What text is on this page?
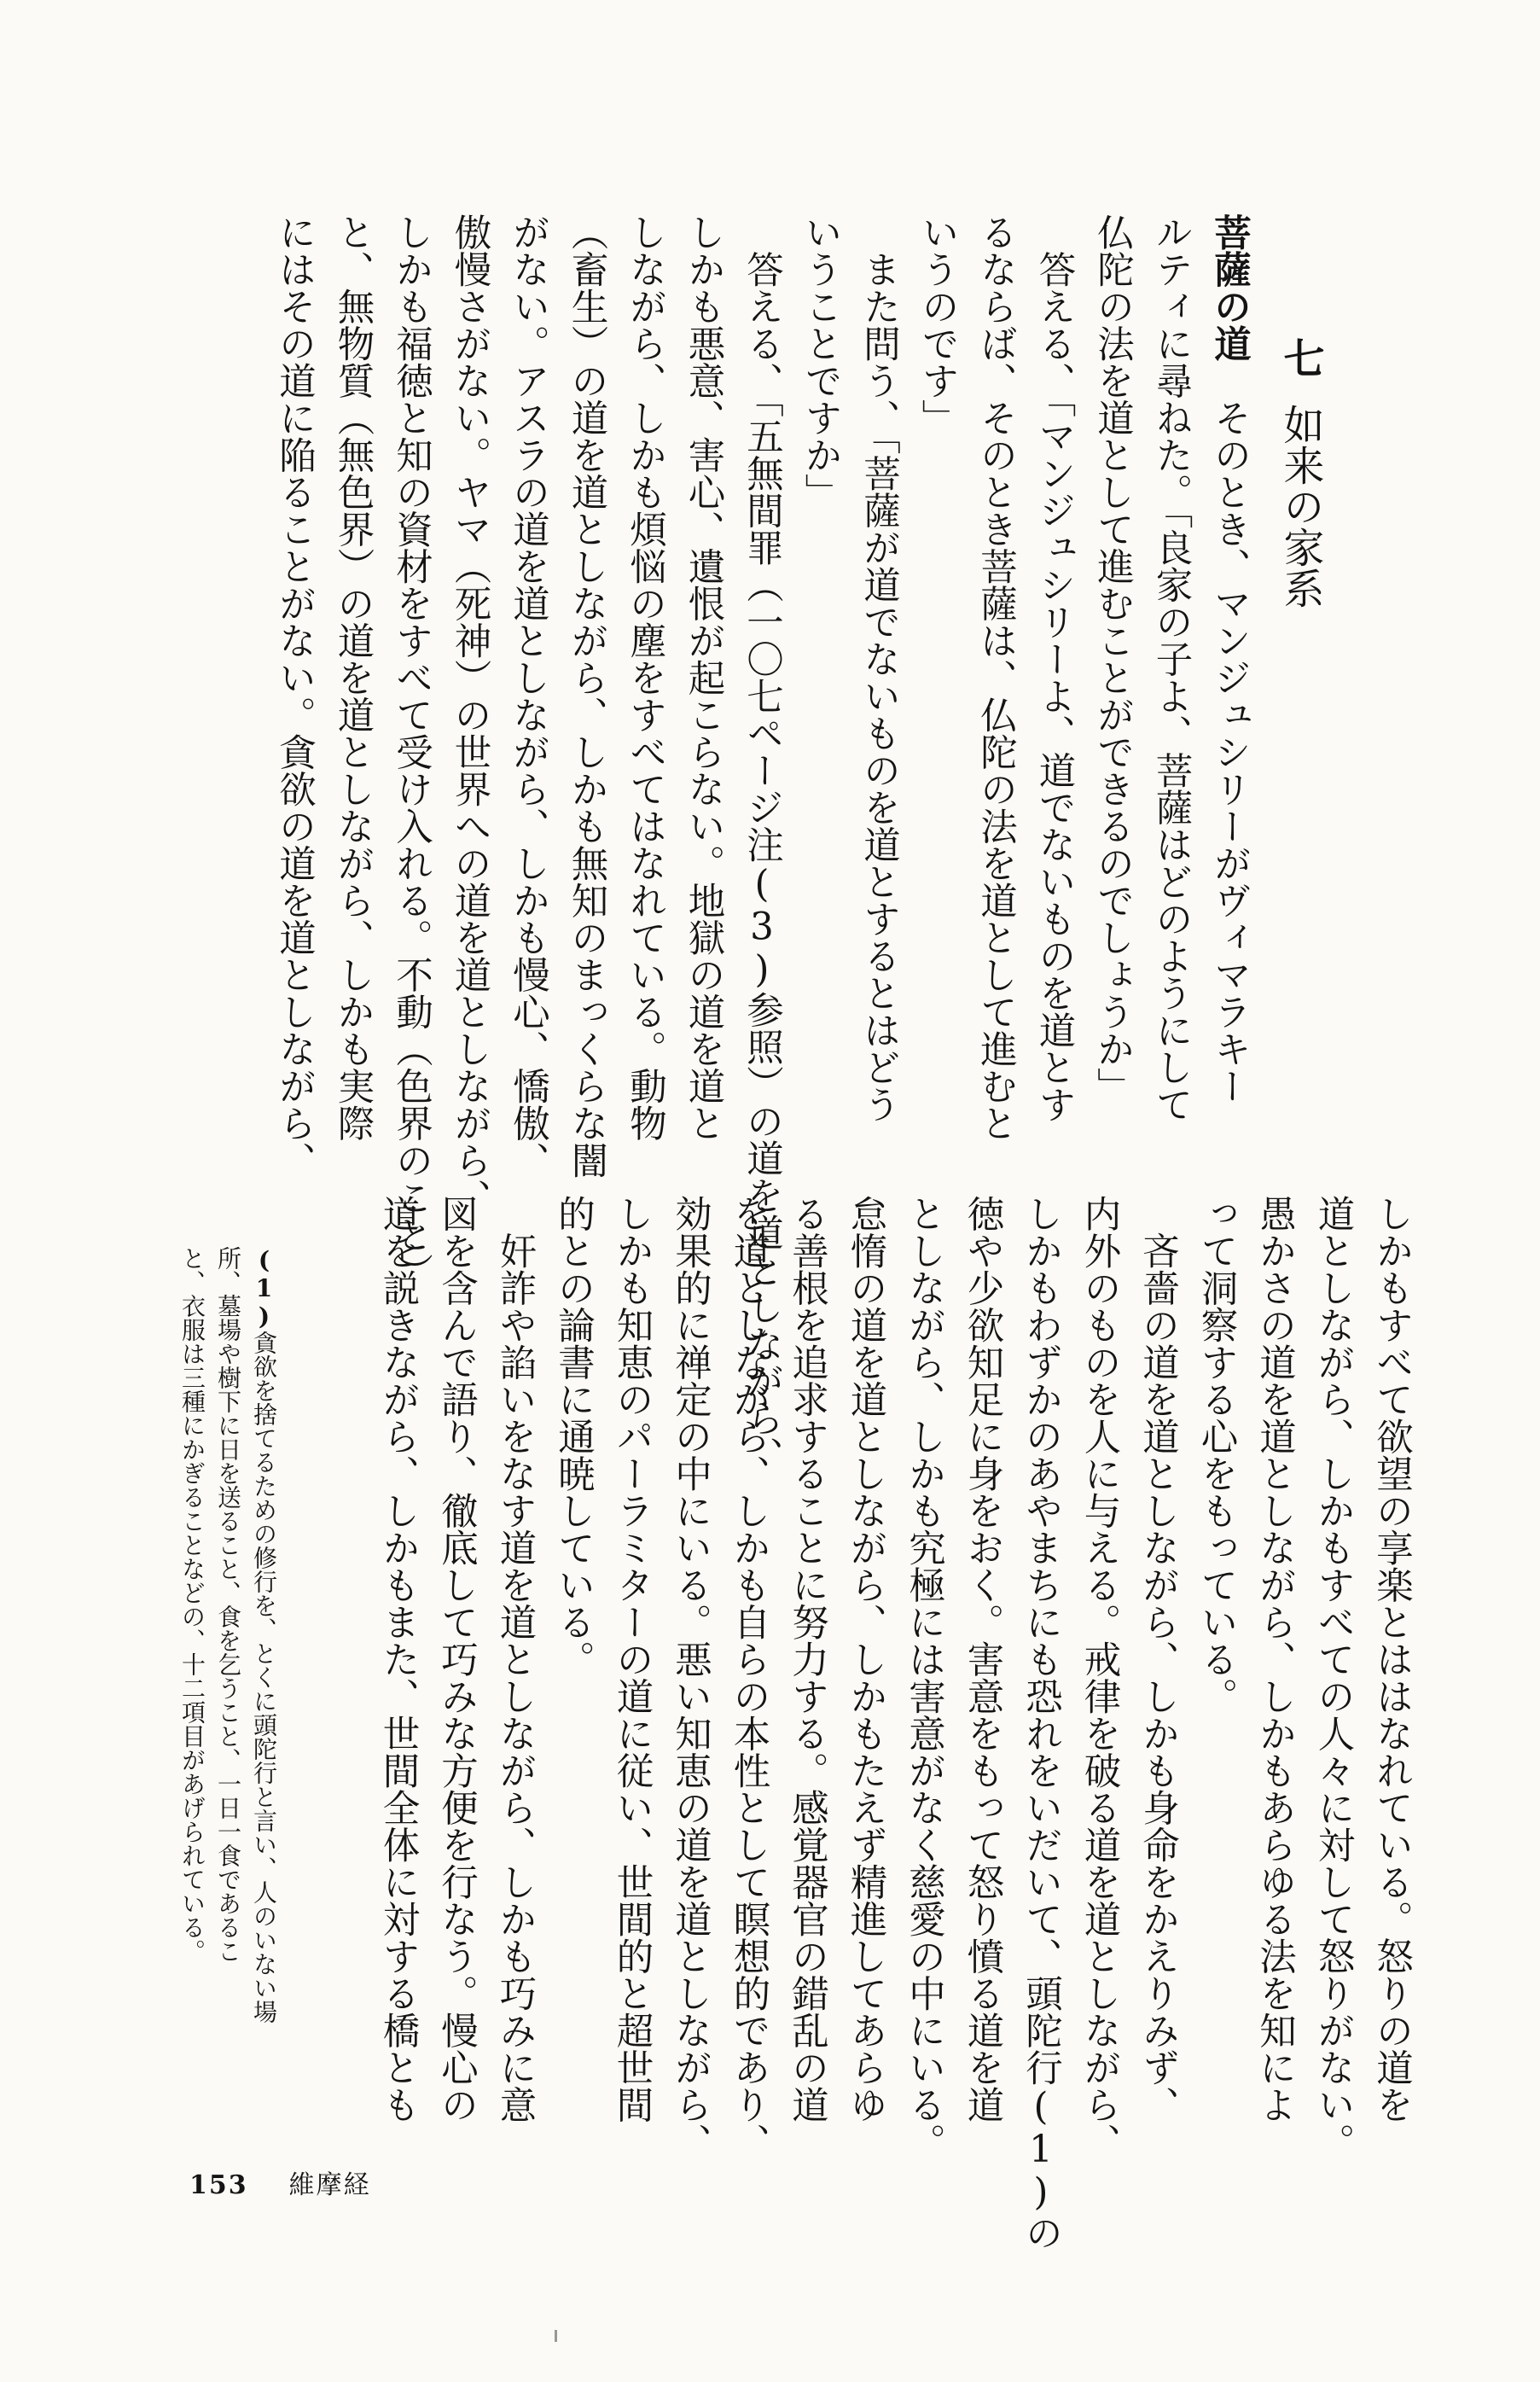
七如来の家系
菩薩の道　そのとき、マンジュシリーがヴィマラキー
ルティに尋ねた。「良家の子よ、菩薩はどのようにして
仏陀の法を道として進むことができるのでしょうか」
　答える、「マンジュシリーよ、道でないものを道とす
るならば、そのとき菩薩は、仏陀の法を道として進むと
いうのです」
　また問う、「菩薩が道でないものを道とするとはどう
いうことですか」
　答える、「五無間罪（一〇七ページ注(3)参照）の道を道としながら、
しかも悪意、害心、遺恨が起こらない。地獄の道を道と
しながら、しかも煩悩の塵をすべてはなれている。動物
（畜生）の道を道としながら、しかも無知のまっくらな闇
がない。アスラの道を道としながら、しかも慢心、憍傲、
傲慢さがない。ヤマ（死神）の世界への道を道としながら、
しかも福徳と知の資材をすべて受け入れる。不動（色界のこと）
と、無物質（無色界）の道を道としながら、しかも実際
にはその道に陥ることがない。貪欲の道を道としながら、
しかもすべて欲望の享楽とははなれている。怒りの道を
道としながら、しかもすべての人々に対して怒りがない。
愚かさの道を道としながら、しかもあらゆる法を知によ
って洞察する心をもっている。
　吝嗇の道を道としながら、しかも身命をかえりみず、
内外のものを人に与える。戒律を破る道を道としながら、
しかもわずかのあやまちにも恐れをいだいて、頭陀行(1)の
徳や少欲知足に身をおく。害意をもって怒り憤る道を道
としながら、しかも究極には害意がなく慈愛の中にいる。
怠惰の道を道としながら、しかもたえず精進してあらゆ
る善根を追求することに努力する。感覚器官の錯乱の道
を道としながら、しかも自らの本性として瞑想的であり、
効果的に禅定の中にいる。悪い知恵の道を道としながら、
しかも知恵のパーラミターの道に従い、世間的と超世間
的との論書に通暁している。
　奸詐や諂いをなす道を道としながら、しかも巧みに意
図を含んで語り、徹底して巧みな方便を行なう。慢心の
道を説きながら、しかもまた、世間全体に対する橋とも
(1)貪欲を捨てるための修行を、とくに頭陀行と言い、人のいない場
所、墓場や樹下に日を送ること、食を乞うこと、一日一食であるこ
と、衣服は三種にかぎることなどの、十二項目があげられている。
153 維摩経
